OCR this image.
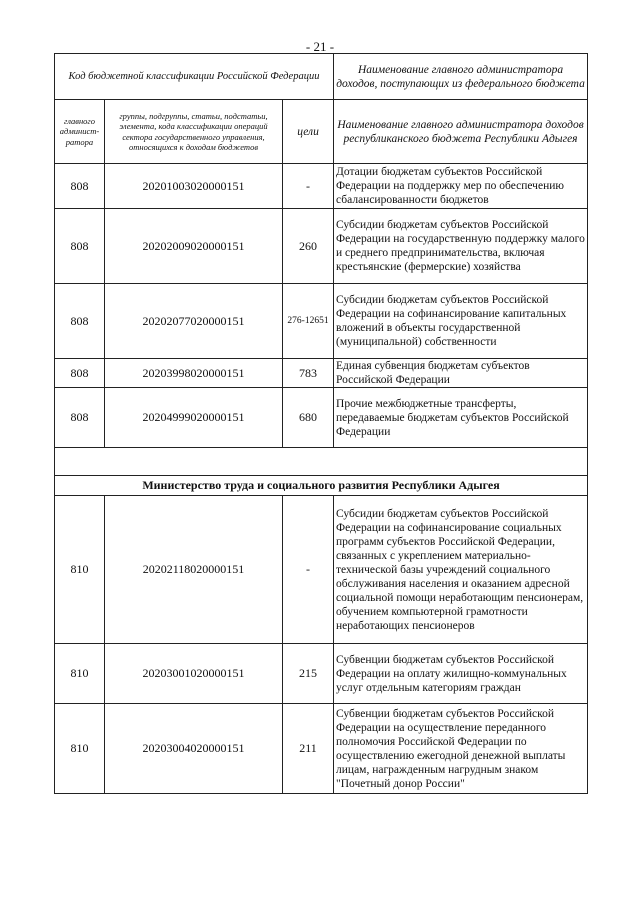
- 21 -
Код бюджетной классификации Российской Федерации			Наименование главного администратора доходов, поступающих из федерального бюджета
главного админист-ратора	группы, подгруппы, статьи, подстатьи, элемента, кода классификации операций сектора государственного управления, относящихся к доходам бюджетов	цели	Наименование главного администратора доходов республиканского бюджета Республики Адыгея
808	20201003020000151	-	Дотации бюджетам субъектов Российской Федерации на поддержку мер по обеспечению сбалансированности бюджетов
808	20202009020000151	260	Субсидии бюджетам субъектов Российской Федерации на государственную поддержку малого и среднего предпринимательства, включая крестьянские (фермерские) хозяйства
808	20202077020000151	276-12651	Субсидии бюджетам субъектов Российской Федерации на софинансирование капитальных вложений в объекты государственной (муниципальной) собственности
808	20203998020000151	783	Единая субвенция бюджетам субъектов Российской Федерации
808	20204999020000151	680	Прочие межбюджетные трансферты, передаваемые бюджетам субъектов Российской Федерации

Министерство труда и социального развития Республики Адыгея			
810	20202118020000151	-	Субсидии бюджетам субъектов Российской Федерации на софинансирование социальных программ субъектов Российской Федерации, связанных с укреплением материально-технической базы учреждений социального обслуживания населения и оказанием адресной социальной помощи неработающим пенсионерам, обучением компьютерной грамотности неработающих пенсионеров
810	20203001020000151	215	Субвенции бюджетам субъектов Российской Федерации на оплату жилищно-коммунальных услуг отдельным категориям граждан
810	20203004020000151	211	Субвенции бюджетам субъектов Российской Федерации на осуществление переданного полномочия Российской Федерации по осуществлению ежегодной денежной выплаты лицам, награжденным нагрудным знаком "Почетный донор России"
